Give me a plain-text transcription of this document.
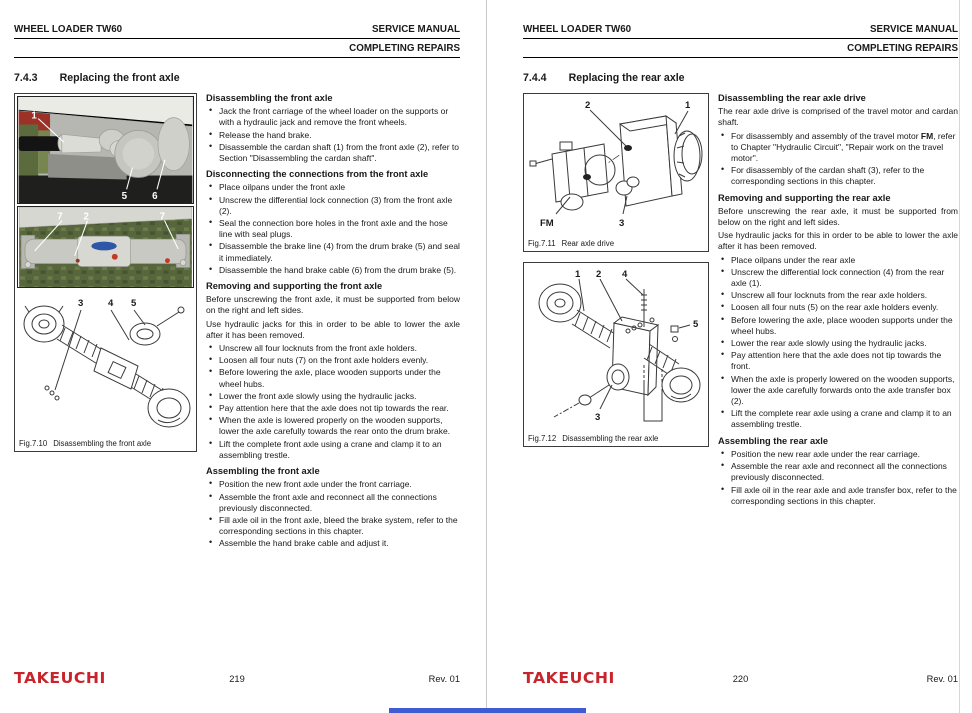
WHEEL LOADER TW60	SERVICE MANUAL
COMPLETING REPAIRS
7.4.3 Replacing the front axle
1
5 6
7 2	7
3	4 5
Fig.7.10 Disassembling the front axle
Disassembling the front axle
• Jack the front carriage of the wheel loader on the supports or with a hydraulic jack and remove the front wheels.
• Release the hand brake.
• Disassemble the cardan shaft (1) from the front axle (2), refer to Section "Disassembling the cardan shaft".
Disconnecting the connections from the front axle
• Place oilpans under the front axle
• Unscrew the differential lock connection (3) from the front axle (2).
• Seal the connection bore holes in the front axle and the hose line with seal plugs.
• Disassemble the brake line (4) from the drum brake (5) and seal it immediately.
• Disassemble the hand brake cable (6) from the drum brake (5).
Removing and supporting the front axle
Before unscrewing the front axle, it must be supported from below on the right and left sides.
Use hydraulic jacks for this in order to be able to lower the axle after it has been removed.
• Unscrew all four locknuts from the front axle holders.
• Loosen all four nuts (7) on the front axle holders evenly.
• Before lowering the axle, place wooden supports under the wheel hubs.
• Lower the front axle slowly using the hydraulic jacks.
• Pay attention here that the axle does not tip towards the rear.
• When the axle is lowered properly on the wooden supports, lower the axle carefully towards the rear onto the drum brake.
• Lift the complete front axle using a crane and clamp it to an assembling trestle.
Assembling the front axle
• Position the new front axle under the front carriage.
• Assemble the front axle and reconnect all the connections previously disconnected.
• Fill axle oil in the front axle, bleed the brake system, refer to the corresponding sections in this chapter.
• Assemble the hand brake cable and adjust it.
TAKEUCHI	219	Rev. 01
WHEEL LOADER TW60	SERVICE MANUAL
COMPLETING REPAIRS
7.4.4 Replacing the rear axle
2	1
FM	3
Fig.7.11 Rear axle drive
1 2 4
5
3
Fig.7.12 Disassembling the rear axle
Disassembling the rear axle drive
The rear axle drive is comprised of the travel motor and cardan shaft.
• For disassembly and assembly of the travel motor FM, refer to Chapter "Hydraulic Circuit", "Repair work on the travel motor".
• For disassembly of the cardan shaft (3), refer to the corresponding sections in this chapter.
Removing and supporting the rear axle
Before unscrewing the rear axle, it must be supported from below on the right and left sides.
Use hydraulic jacks for this in order to be able to lower the axle after it has been removed.
• Place oilpans under the rear axle
• Unscrew the differential lock connection (4) from the rear axle (1).
• Unscrew all four locknuts from the rear axle holders.
• Loosen all four nuts (5) on the rear axle holders evenly.
• Before lowering the axle, place wooden supports under the wheel hubs.
• Lower the rear axle slowly using the hydraulic jacks.
• Pay attention here that the axle does not tip towards the front.
• When the axle is properly lowered on the wooden supports, lower the axle carefully forwards onto the axle transfer box (2).
• Lift the complete rear axle using a crane and clamp it to an assembling trestle.
Assembling the rear axle
• Position the new rear axle under the rear carriage.
• Assemble the rear axle and reconnect all the connections previously disconnected.
• Fill axle oil in the rear axle and axle transfer box, refer to the corresponding sections in this chapter.
TAKEUCHI	220	Rev. 01
